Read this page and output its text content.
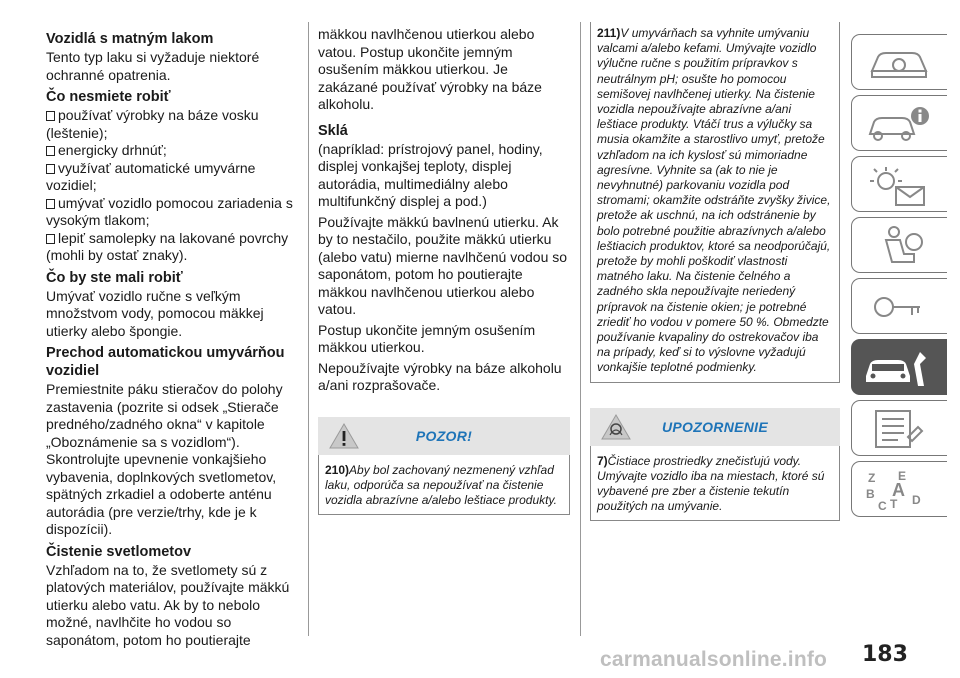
Vozidlá s matným lakom

Tento typ laku si vyžaduje niektoré ochranné opatrenia.

Čo nesmiete robiť
používať výrobky na báze vosku (leštenie);
energicky drhnúť;
využívať automatické umyvárne vozidiel;
umývať vozidlo pomocou zariadenia s vysokým tlakom;
lepiť samolepky na lakované povrchy (mohli by ostať znaky).
Čo by ste mali robiť

Umývať vozidlo ručne s veľkým množstvom vody, pomocou mäkkej utierky alebo špongie.

Prechod automatickou umyvárňou vozidiel

Premiestnite páku stieračov do polohy zastavenia (pozrite si odsek „Stierače predného/zadného okna“ v kapitole „Oboznámenie sa s vozidlom“). Skontrolujte upevnenie vonkajšieho vybavenia, doplnkových svetlometov, spätných zrkadiel a odoberte anténu autorádia (pre verzie/trhy, kde je k dispozícii).

Čistenie svetlometov

Vzhľadom na to, že svetlomety sú z platových materiálov, používajte mäkkú utierku alebo vatu. Ak by to nebolo možné, navlhčite ho vodou so saponátom, potom ho poutierajte

mäkkou navlhčenou utierkou alebo vatou. Postup ukončite jemným osušením mäkkou utierkou. Je zakázané používať výrobky na báze alkoholu.

Sklá

(napríklad: prístrojový panel, hodiny, displej vonkajšej teploty, displej autorádia, multimediálny alebo multifunkčný displej a pod.)

Používajte mäkkú bavlnenú utierku. Ak by to nestačilo, použite mäkkú utierku (alebo vatu) mierne navlhčenú vodou so saponátom, potom ho poutierajte mäkkou navlhčenou utierkou alebo vatou.

Postup ukončite jemným osušením mäkkou utierkou.

Nepoužívajte výrobky na báze alkoholu a/ani rozprašovače.

POZOR!

210)Aby bol zachovaný nezmenený vzhľad laku, odporúča sa nepoužívať na čistenie vozidla abrazívne a/alebo leštiace produkty.

211)V umyvárňach sa vyhnite umývaniu valcami a/alebo kefami. Umývajte vozidlo výlučne ručne s použitím prípravkov s neutrálnym pH; osušte ho pomocou semišovej navlhčenej utierky. Na čistenie vozidla nepoužívajte abrazívne a/ani leštiace produkty. Vtáčí trus a výlučky sa musia okamžite a starostlivo umyť, pretože vzhľadom na ich kyslosť sú mimoriadne agresívne. Vyhnite sa (ak to nie je nevyhnutné) parkovaniu vozidla pod stromami; okamžite odstráňte zvyšky živice, pretože ak uschnú, na ich odstránenie by bolo potrebné použitie abrazívnych a/alebo leštiacich produktov, ktoré sa neodporúčajú, pretože by mohli poškodiť vlastnosti matného laku. Na čistenie čelného a zadného skla nepoužívajte neriedený prípravok na čistenie okien; je potrebné zriediť ho vodou v pomere 50 %. Obmedzte používanie kvapaliny do ostrekovačov iba na prípady, keď si to výslovne vyžadujú vonkajšie teplotné podmienky.

UPOZORNENIE

7)Čistiace prostriedky znečisťujú vody. Umývajte vozidlo iba na miestach, ktoré sú vybavené pre zber a čistenie tekutín použitých na umývanie.

Z E
B
C T
A D
carmanualsonline.info 183
